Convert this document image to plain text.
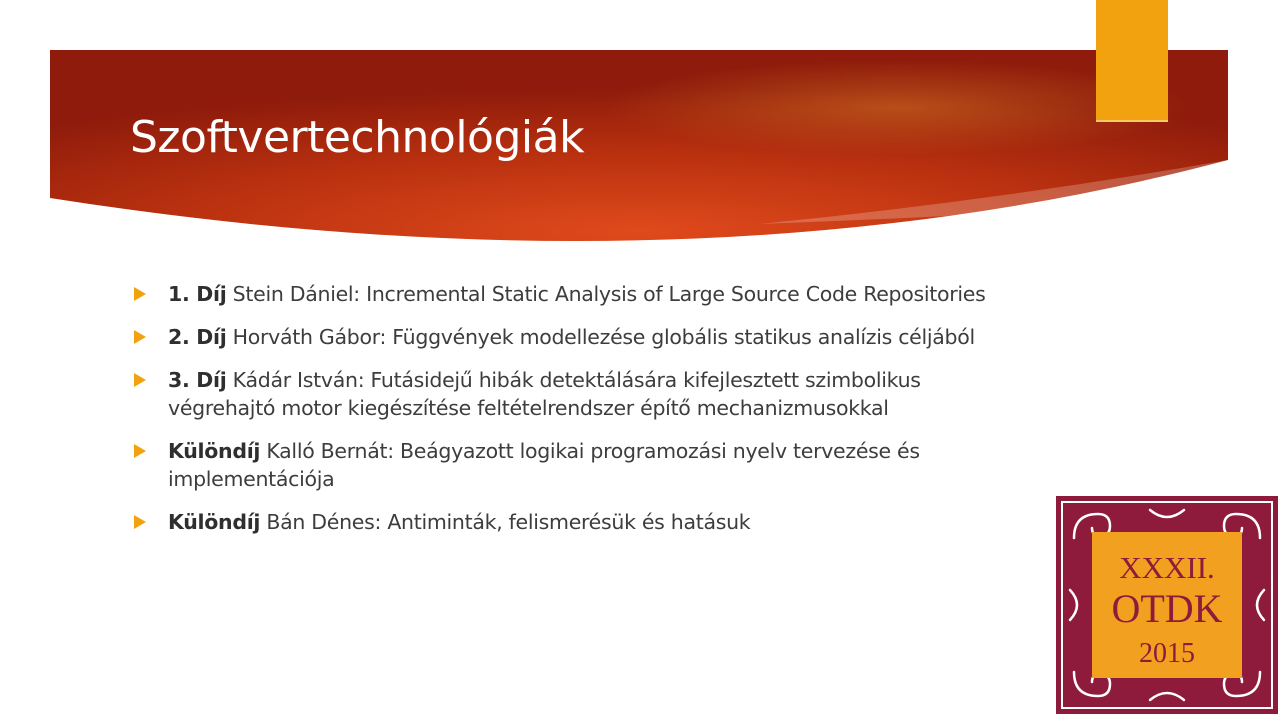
Szoftvertechnológiák
1. Díj Stein Dániel: Incremental Static Analysis of Large Source Code Repositories
2. Díj Horváth Gábor: Függvények modellezése globális statikus analízis céljából
3. Díj Kádár István: Futásidejű hibák detektálására kifejlesztett szimbolikus végrehajtó motor kiegészítése feltételrendszer építő mechanizmusokkal
Különdíj Kalló Bernát: Beágyazott logikai programozási nyelv tervezése és implementációja
Különdíj Bán Dénes: Antiminták, felismerésük és hatásuk
XXXII.
OTDK
2015
